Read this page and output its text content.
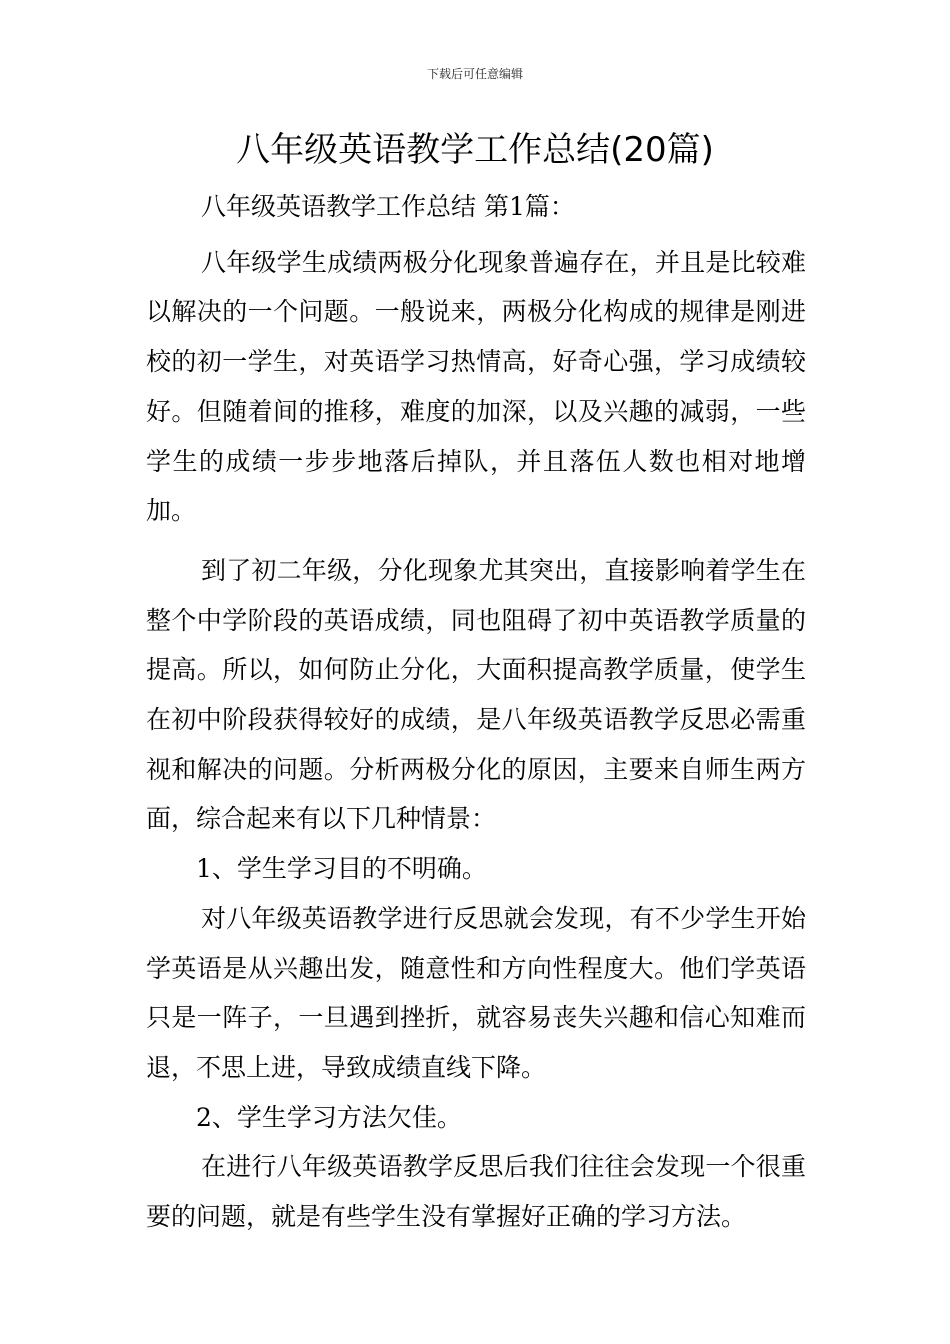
下载后可任意编辑
八年级英语教学工作总结(20篇)

八年级英语教学工作总结 第1篇：

八年级学生成绩两极分化现象普遍存在，并且是比较难以解决的一个问题。一般说来，两极分化构成的规律是刚进校的初一学生，对英语学习热情高，好奇心强，学习成绩较好。但随着间的推移，难度的加深，以及兴趣的减弱，一些学生的成绩一步步地落后掉队，并且落伍人数也相对地增加。

到了初二年级，分化现象尤其突出，直接影响着学生在整个中学阶段的英语成绩，同也阻碍了初中英语教学质量的提高。所以，如何防止分化，大面积提高教学质量，使学生在初中阶段获得较好的成绩，是八年级英语教学反思必需重视和解决的问题。分析两极分化的原因，主要来自师生两方面，综合起来有以下几种情景：

1、学生学习目的不明确。

对八年级英语教学进行反思就会发现，有不少学生开始学英语是从兴趣出发，随意性和方向性程度大。他们学英语只是一阵子，一旦遇到挫折，就容易丧失兴趣和信心知难而退，不思上进，导致成绩直线下降。

2、学生学习方法欠佳。

在进行八年级英语教学反思后我们往往会发现一个很重要的问题，就是有些学生没有掌握好正确的学习方法。
